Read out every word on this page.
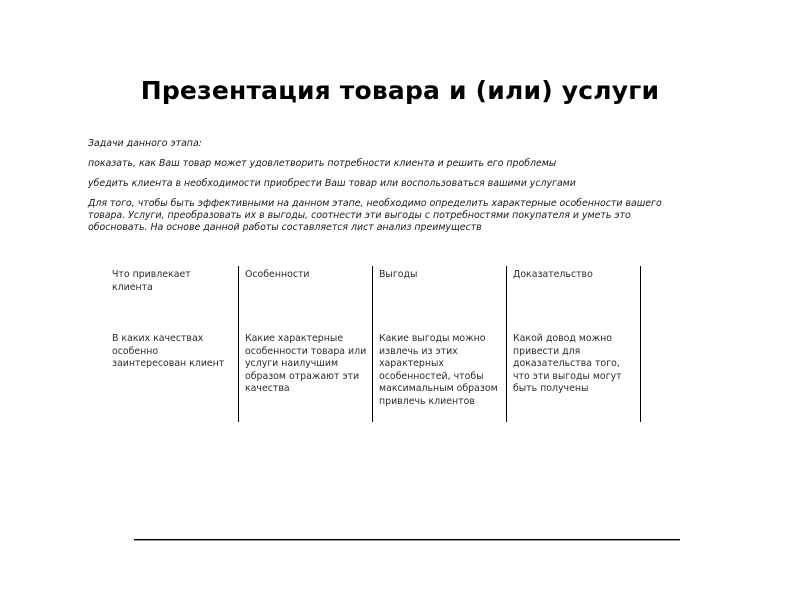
Презентация товара и (или) услуги

Задачи данного этапа:

показать, как Ваш товар может удовлетворить потребности клиента и решить его проблемы

убедить клиента в необходимости приобрести Ваш товар или воспользоваться вашими услугами

Для того, чтобы быть эффективными на данном этапе, необходимо определить характерные особенности вашего товара. Услуги, преобразовать их в выгоды, соотнести эти выгоды с потребностями покупателя и уметь это обосновать. На основе данной работы составляется лист анализ преимуществ

Что привлекает клиента
В каких качествах особенно заинтересован клиент
Особенности
Какие характерные особенности товара или услуги наилучшим образом отражают эти качества
Выгоды
Какие выгоды можно извлечь из этих характерных особенностей, чтобы максимальным образом привлечь клиентов
Доказательство
Какой довод можно привести для доказательства того, что эти выгоды могут быть получены
